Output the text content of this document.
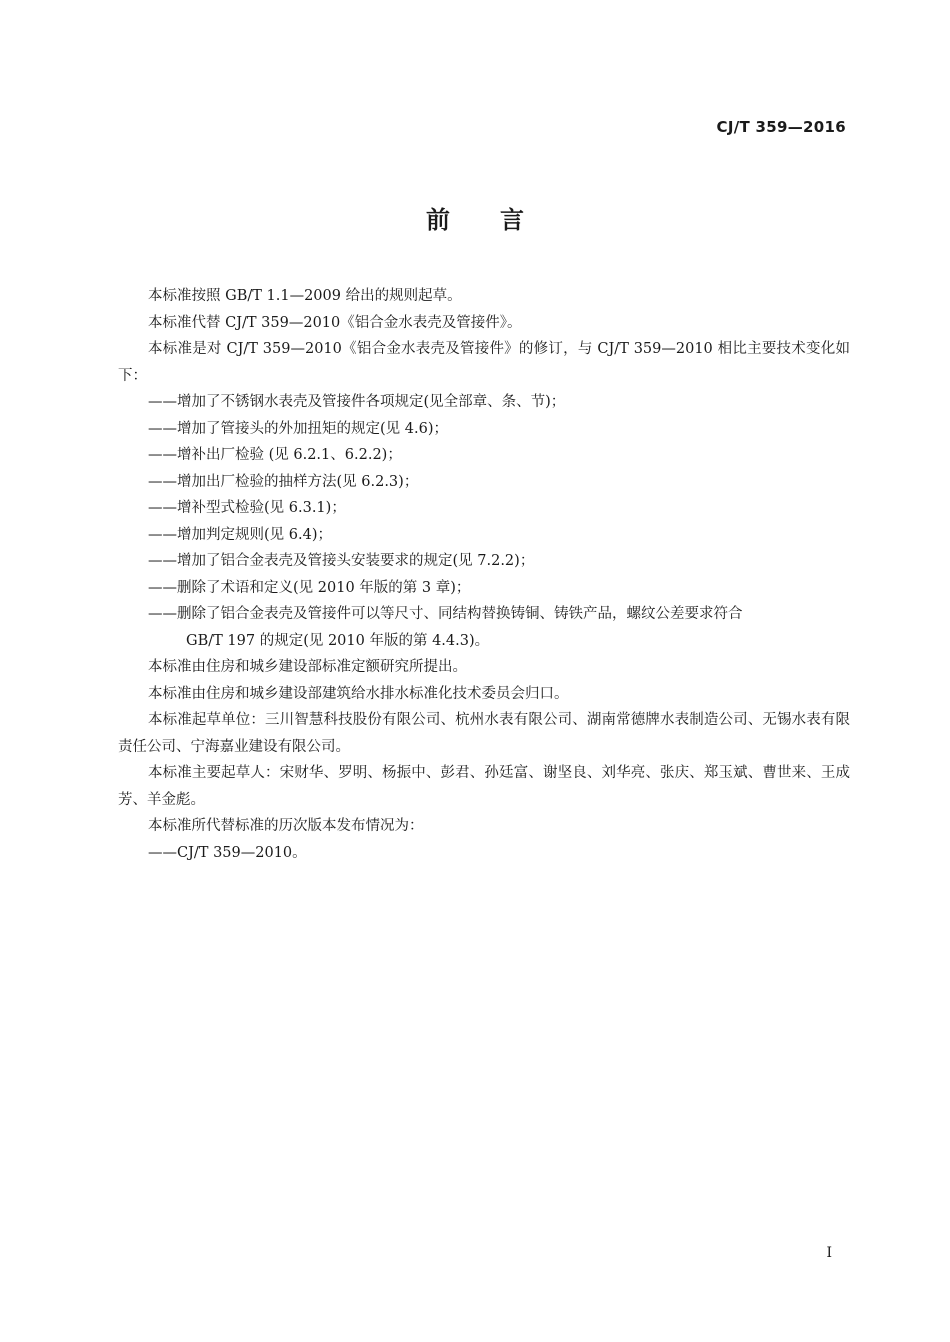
CJ/T 359—2016
前言

本标准按照 GB/T 1.1—2009 给出的规则起草。

本标准代替 CJ/T 359—2010《铝合金水表壳及管接件》。

本标准是对 CJ/T 359—2010《铝合金水表壳及管接件》的修订，与 CJ/T 359—2010 相比主要技术变化如下：

——增加了不锈钢水表壳及管接件各项规定(见全部章、条、节)；

——增加了管接头的外加扭矩的规定(见 4.6)；

——增补出厂检验 (见 6.2.1、6.2.2)；

——增加出厂检验的抽样方法(见 6.2.3)；

——增补型式检验(见 6.3.1)；

——增加判定规则(见 6.4)；

——增加了铝合金表壳及管接头安装要求的规定(见 7.2.2)；

——删除了术语和定义(见 2010 年版的第 3 章)；

——删除了铝合金表壳及管接件可以等尺寸、同结构替换铸铜、铸铁产品，螺纹公差要求符合
GB/T 197 的规定(见 2010 年版的第 4.4.3)。

本标准由住房和城乡建设部标准定额研究所提出。

本标准由住房和城乡建设部建筑给水排水标准化技术委员会归口。

本标准起草单位：三川智慧科技股份有限公司、杭州水表有限公司、湖南常德牌水表制造公司、无锡水表有限责任公司、宁海嘉业建设有限公司。

本标准主要起草人：宋财华、罗明、杨振中、彭君、孙廷富、谢坚良、刘华亮、张庆、郑玉斌、曹世来、王成芳、羊金彪。

本标准所代替标准的历次版本发布情况为：

——CJ/T 359—2010。

I
